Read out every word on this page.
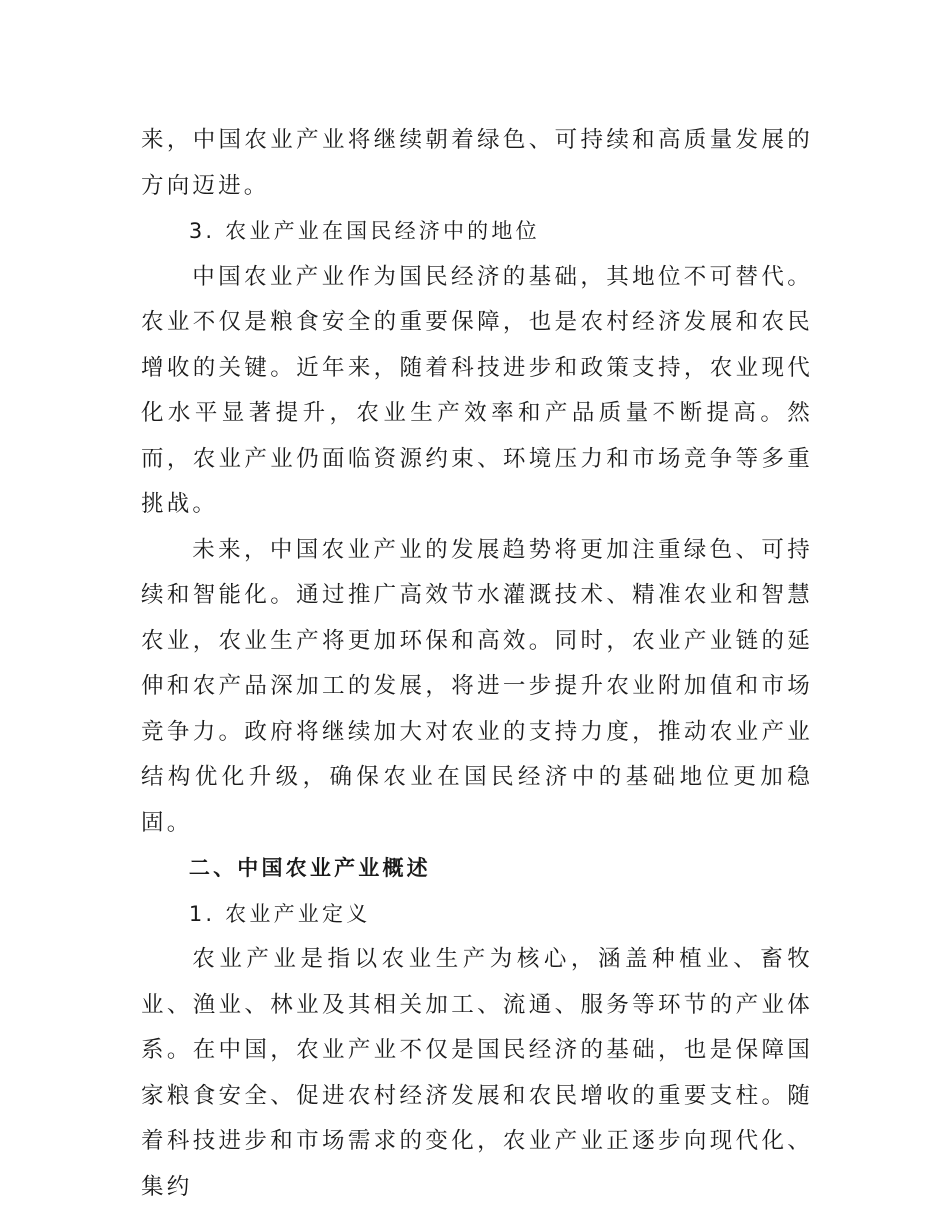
来，中国农业产业将继续朝着绿色、可持续和高质量发展的方向迈进。

3. 农业产业在国民经济中的地位

中国农业产业作为国民经济的基础，其地位不可替代。农业不仅是粮食安全的重要保障，也是农村经济发展和农民增收的关键。近年来，随着科技进步和政策支持，农业现代化水平显著提升，农业生产效率和产品质量不断提高。然而，农业产业仍面临资源约束、环境压力和市场竞争等多重挑战。

未来，中国农业产业的发展趋势将更加注重绿色、可持续和智能化。通过推广高效节水灌溉技术、精准农业和智慧农业，农业生产将更加环保和高效。同时，农业产业链的延伸和农产品深加工的发展，将进一步提升农业附加值和市场竞争力。政府将继续加大对农业的支持力度，推动农业产业结构优化升级，确保农业在国民经济中的基础地位更加稳固。

二、中国农业产业概述

1. 农业产业定义

农业产业是指以农业生产为核心，涵盖种植业、畜牧业、渔业、林业及其相关加工、流通、服务等环节的产业体系。在中国，农业产业不仅是国民经济的基础，也是保障国家粮食安全、促进农村经济发展和农民增收的重要支柱。随着科技进步和市场需求的变化，农业产业正逐步向现代化、集约
